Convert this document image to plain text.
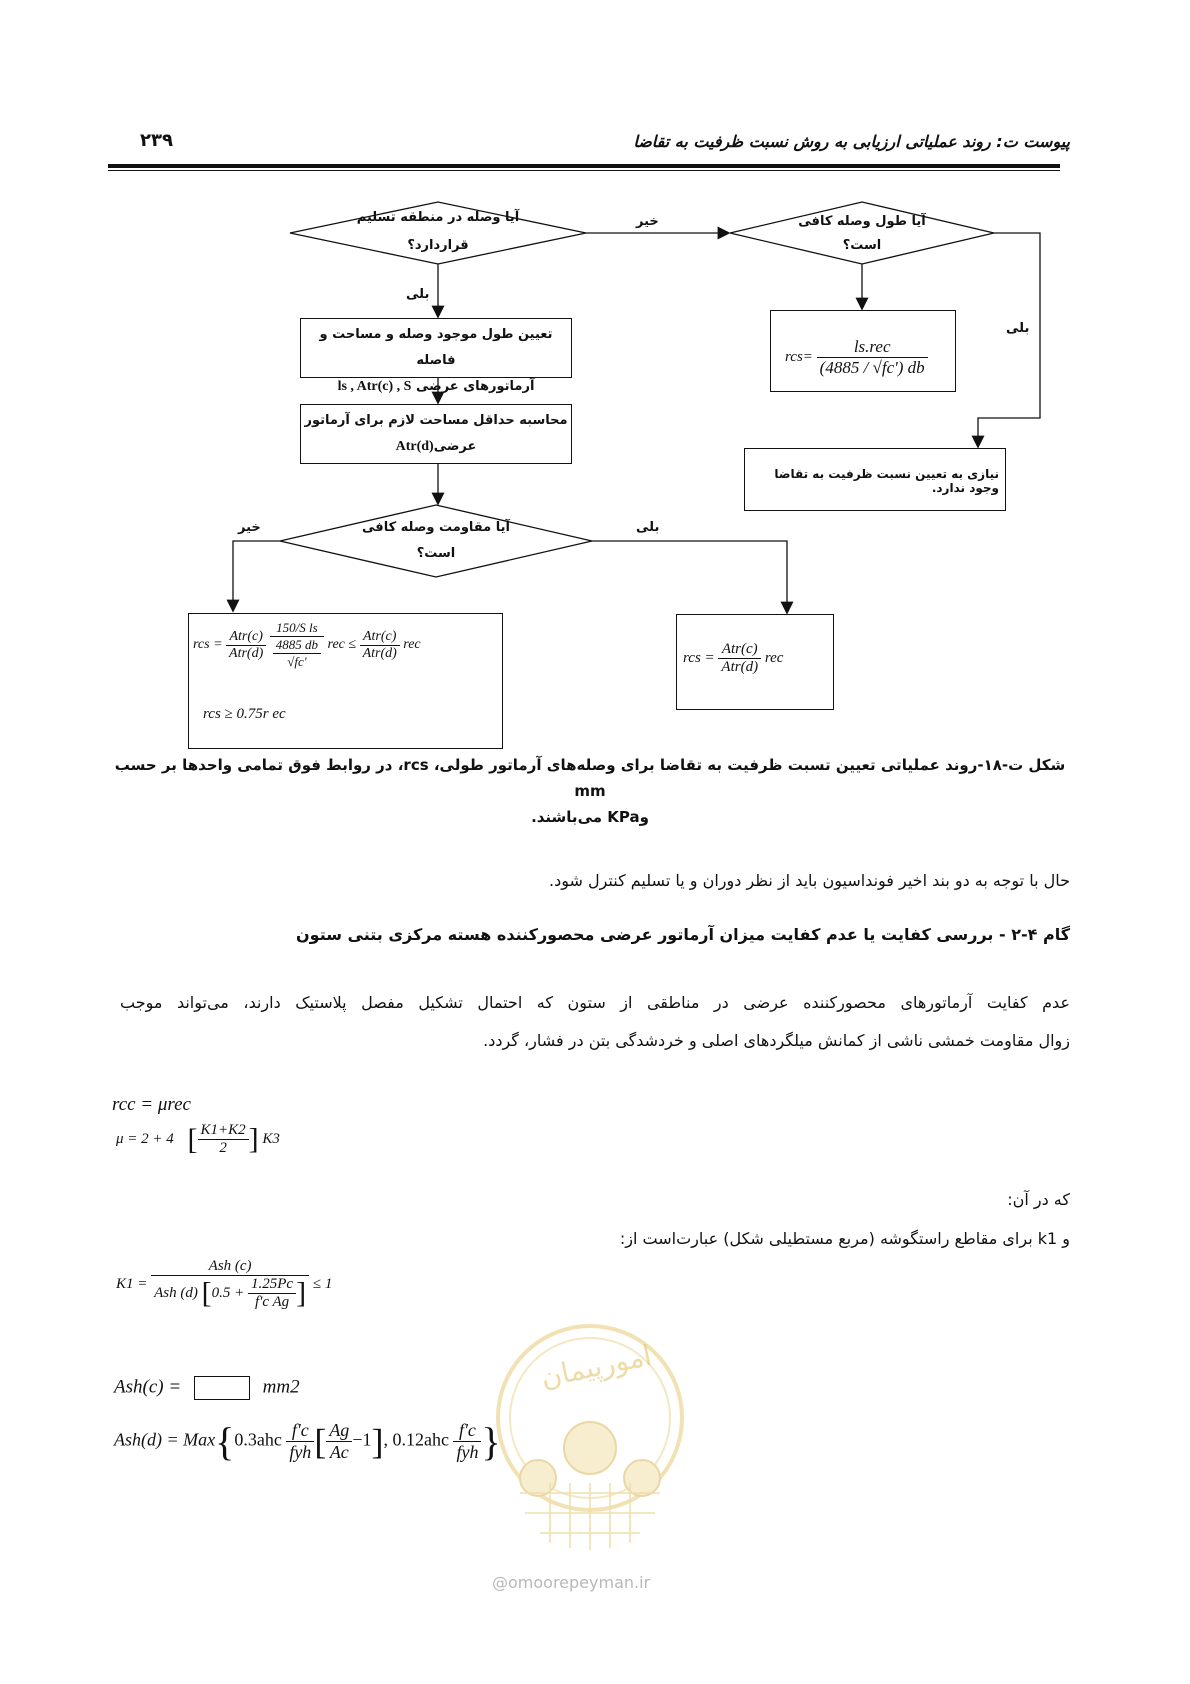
پیوست ت: روند عملیاتی ارزیابی به روش نسبت ظرفیت به تقاضا
۲۳۹
آیا وصله در منطقه تسلیم
قراردارد؟
آیا طول وصله کافی
است؟
آیا مقاومت وصله کافی
است؟
خیر
بلی
بلی
خیر	بلی
تعیین طول موجود وصله و مساحت و فاصله
آرماتورهای عرضی ls , Atr(c) , S
محاسبه حداقل مساحت لازم برای آرماتور
عرضیAtr(d)
$rcs= \frac{\text{ls.rec}}{(4885 / √fc') db}$
نیازی به تعیین نسبت ظرفیت به تقاضا وجود ندارد.
rcs = $\frac{\text{Atr(c)}}{\text{Atr(d)}}$
$\frac{\text{150/S ls}}{\frac{4885 db}{√fc'}}$ rec ≤ $\frac{\text{Atr(c)}}{\text{Atr(d)}}$ rec
rcs ≥ 0.75r ec
rcs = $\frac{\text{Atr(c)}}{\text{Atr(d)}}$ rec
شکل ت-۱۸-روند عملیاتی تعیین تسبت ظرفیت به تقاضا برای وصله‌های آرماتور طولی، rcs، در روابط فوق تمامی واحدها بر حسب mm
وKPa می‌باشند.
حال با توجه به دو بند اخیر فونداسیون باید از نظر دوران و یا تسلیم کنترل شود.
گام ۴-۲ - بررسی کفایت یا عدم کفایت میزان آرماتور عرضی محصورکننده هسته مرکزی بتنی ستون
عدم کفایت آرماتورهای محصورکننده عرضی در مناطقی از ستون که احتمال تشکیل مفصل پلاستیک دارند، می‌تواند موجب
زوال مقاومت خمشی ناشی از کمانش میلگردهای اصلی و خردشدگی بتن در فشار، گردد.
rcc = μrec
μ = 2 + 4 [ $\frac{K1+K2}{2}$ ] K3
که در آن:
و k1 برای مقاطع راستگوشه (مربع مستطیلی شکل) عبارت‌است از:
$K1 = \frac{\text{Ash (c)}}{Ash (d) [0.5 + \frac{1.25Pc}{\text{f'c Ag}} ]} \le 1$
Ash(c) =	mm2
$Ash(d) = Max\{0.3ahc \frac{f'c}{\text{fyh}}$ [ $\frac{Ag}{Ac} -1$], $0.12ahc \frac{f'c}{\text{fyh}}$ }
امورپیمان
@omoorepeyman.ir
